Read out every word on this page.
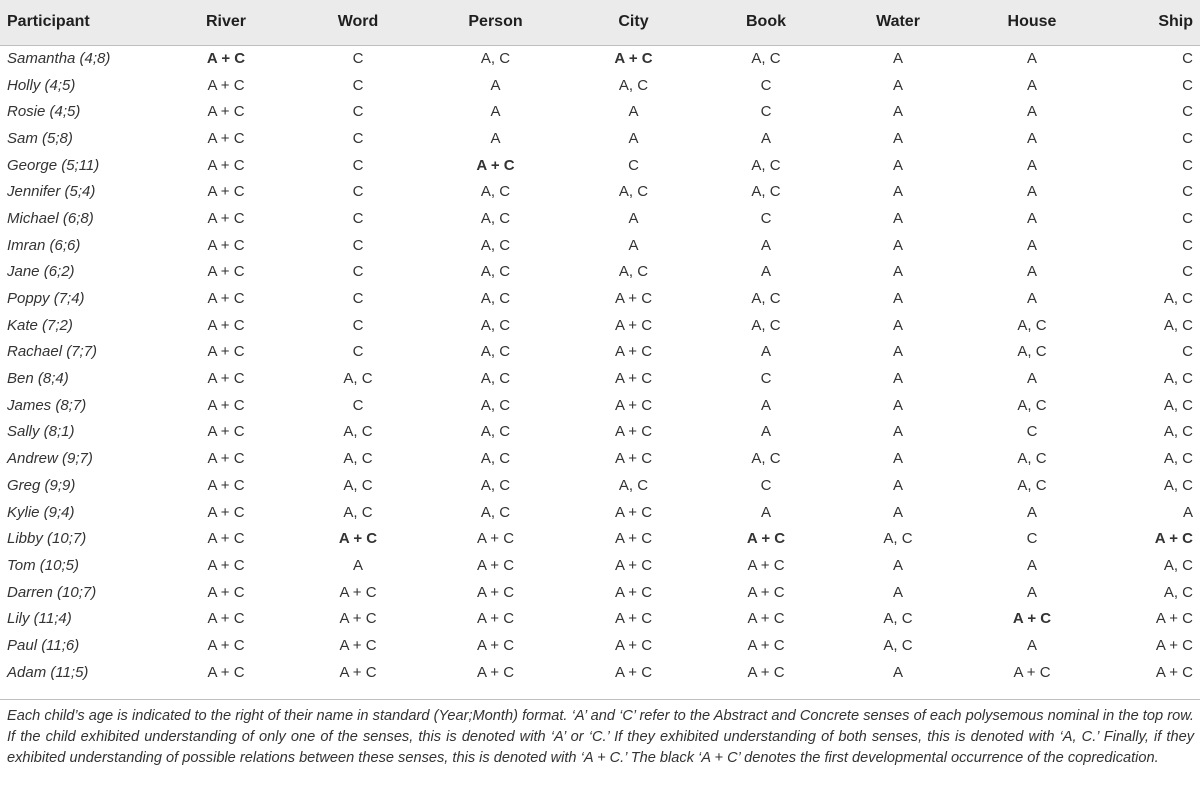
Participant	River	Word	Person	City	Book	Water	House	Ship
Samantha (4;8)	A + C	C	A, C	A + C	A, C	A	A	C
Holly (4;5)	A + C	C	A	A, C	C	A	A	C
Rosie (4;5)	A + C	C	A	A	C	A	A	C
Sam (5;8)	A + C	C	A	A	A	A	A	C
George (5;11)	A + C	C	A + C	C	A, C	A	A	C
Jennifer (5;4)	A + C	C	A, C	A, C	A, C	A	A	C
Michael (6;8)	A + C	C	A, C	A	C	A	A	C
Imran (6;6)	A + C	C	A, C	A	A	A	A	C
Jane (6;2)	A + C	C	A, C	A, C	A	A	A	C
Poppy (7;4)	A + C	C	A, C	A + C	A, C	A	A	A, C
Kate (7;2)	A + C	C	A, C	A + C	A, C	A	A, C	A, C
Rachael (7;7)	A + C	C	A, C	A + C	A	A	A, C	C
Ben (8;4)	A + C	A, C	A, C	A + C	C	A	A	A, C
James (8;7)	A + C	C	A, C	A + C	A	A	A, C	A, C
Sally (8;1)	A + C	A, C	A, C	A + C	A	A	C	A, C
Andrew (9;7)	A + C	A, C	A, C	A + C	A, C	A	A, C	A, C
Greg (9;9)	A + C	A, C	A, C	A, C	C	A	A, C	A, C
Kylie (9;4)	A + C	A, C	A, C	A + C	A	A	A	A
Libby (10;7)	A + C	A + C	A + C	A + C	A + C	A, C	C	A + C
Tom (10;5)	A + C	A	A + C	A + C	A + C	A	A	A, C
Darren (10;7)	A + C	A + C	A + C	A + C	A + C	A	A	A, C
Lily (11;4)	A + C	A + C	A + C	A + C	A + C	A, C	A + C	A + C
Paul (11;6)	A + C	A + C	A + C	A + C	A + C	A, C	A	A + C
Adam (11;5)	A + C	A + C	A + C	A + C	A + C	A	A + C	A + C

Each child’s age is indicated to the right of their name in standard (Year;Month) format. ‘A’ and ‘C’ refer to the Abstract and Concrete senses of each polysemous nominal in the top row. If the child exhibited understanding of only one of the senses, this is denoted with ‘A’ or ‘C.’ If they exhibited understanding of both senses, this is denoted with ‘A, C.’ Finally, if they exhibited understanding of possible relations between these senses, this is denoted with ‘A + C.’ The black ‘A + C’ denotes the first developmental occurrence of the copredication.
